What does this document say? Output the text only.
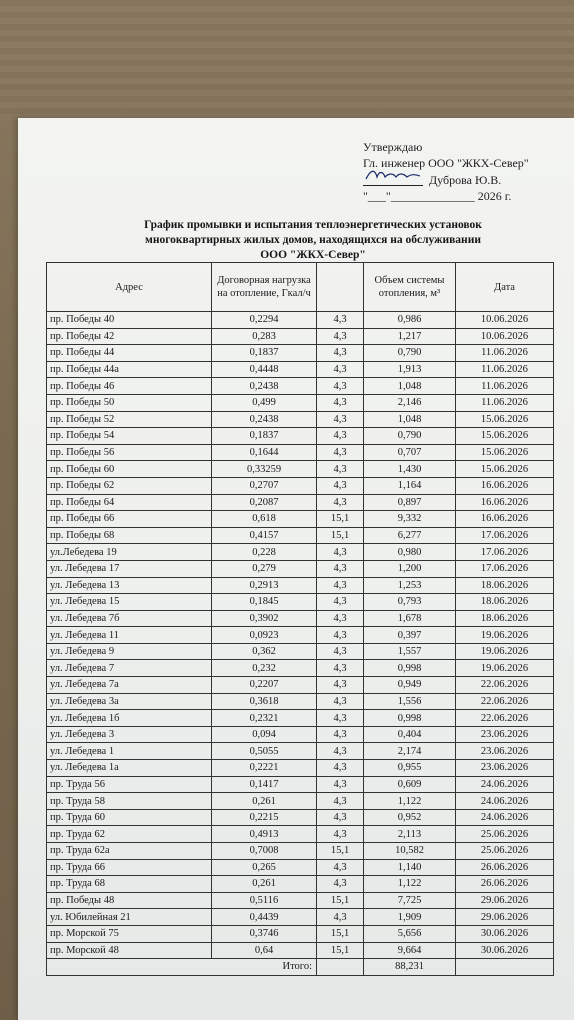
Утверждаю
Гл. инженер ООО "ЖКХ-Север"
Дуброва Ю.В.
"___"______________ 2026 г.
График промывки и испытания теплоэнергетических установок
многоквартирных жилых домов, находящихся на обслуживании
ООО "ЖКХ-Север"
Адрес	Договорная нагрузка на отопление, Гкал/ч		Объем системы отопления, м³	Дата
пр. Победы 40	0,2294	4,3	0,986	10.06.2026
пр. Победы 42	0,283	4,3	1,217	10.06.2026
пр. Победы 44	0,1837	4,3	0,790	11.06.2026
пр. Победы 44а	0,4448	4,3	1,913	11.06.2026
пр. Победы 46	0,2438	4,3	1,048	11.06.2026
пр. Победы 50	0,499	4,3	2,146	11.06.2026
пр. Победы 52	0,2438	4,3	1,048	15.06.2026
пр. Победы 54	0,1837	4,3	0,790	15.06.2026
пр. Победы 56	0,1644	4,3	0,707	15.06.2026
пр. Победы 60	0,33259	4,3	1,430	15.06.2026
пр. Победы 62	0,2707	4,3	1,164	16.06.2026
пр. Победы 64	0,2087	4,3	0,897	16.06.2026
пр. Победы 66	0,618	15,1	9,332	16.06.2026
пр. Победы 68	0,4157	15,1	6,277	17.06.2026
ул.Лебедева 19	0,228	4,3	0,980	17.06.2026
ул. Лебедева 17	0,279	4,3	1,200	17.06.2026
ул. Лебедева 13	0,2913	4,3	1,253	18.06.2026
ул. Лебедева 15	0,1845	4,3	0,793	18.06.2026
ул. Лебедева 7б	0,3902	4,3	1,678	18.06.2026
ул. Лебедева 11	0,0923	4,3	0,397	19.06.2026
ул. Лебедева 9	0,362	4,3	1,557	19.06.2026
ул. Лебедева 7	0,232	4,3	0,998	19.06.2026
ул. Лебедева 7а	0,2207	4,3	0,949	22.06.2026
ул. Лебедева 3а	0,3618	4,3	1,556	22.06.2026
ул. Лебедева 1б	0,2321	4,3	0,998	22.06.2026
ул. Лебедева 3	0,094	4,3	0,404	23.06.2026
ул. Лебедева 1	0,5055	4,3	2,174	23.06.2026
ул. Лебедева 1а	0,2221	4,3	0,955	23.06.2026
пр. Труда 56	0,1417	4,3	0,609	24.06.2026
пр. Труда 58	0,261	4,3	1,122	24.06.2026
пр. Труда 60	0,2215	4,3	0,952	24.06.2026
пр. Труда 62	0,4913	4,3	2,113	25.06.2026
пр. Труда 62а	0,7008	15,1	10,582	25.06.2026
пр. Труда 66	0,265	4,3	1,140	26.06.2026
пр. Труда 68	0,261	4,3	1,122	26.06.2026
пр. Победы 48	0,5116	15,1	7,725	29.06.2026
ул. Юбилейная 21	0,4439	4,3	1,909	29.06.2026
пр. Морской 75	0,3746	15,1	5,656	30.06.2026
пр. Морской 48	0,64	15,1	9,664	30.06.2026
Итого:			88,231	
